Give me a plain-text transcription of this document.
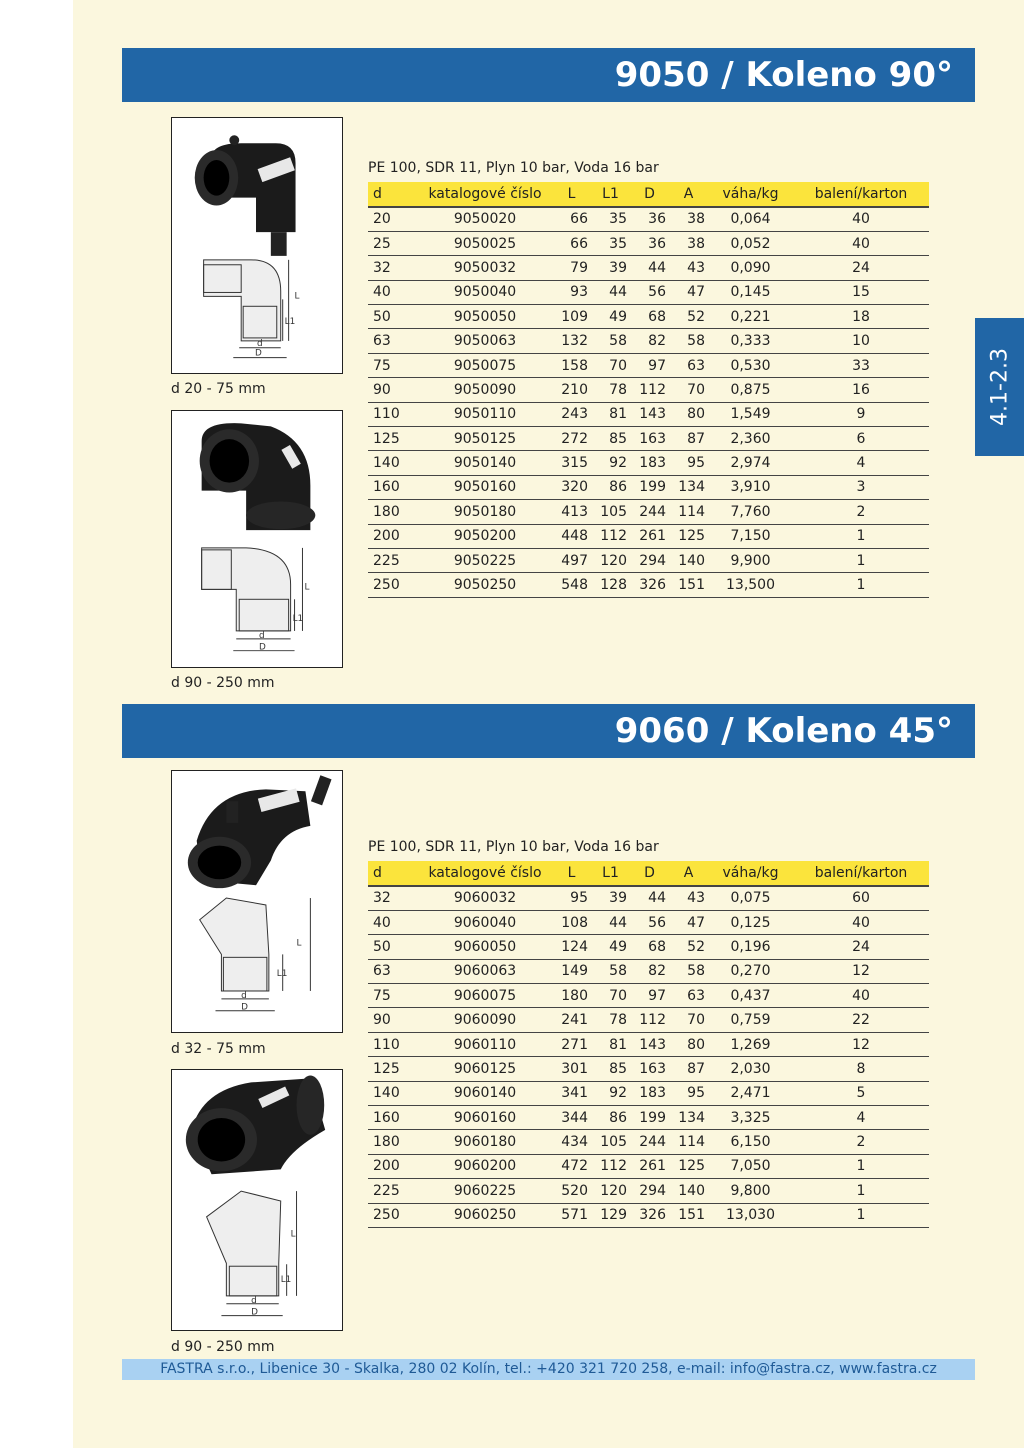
9050 / Koleno 90°
4.1-2.3
L
L1
d
D
d 20 - 75 mm
L
L1
d
D
d 90 - 250 mm
PE 100, SDR 11, Plyn 10 bar, Voda 16 bar
d	katalogové číslo	L	L1	D	A	váha/kg	balení/karton
20	9050020	66	35	36	38	0,064	40
25	9050025	66	35	36	38	0,052	40
32	9050032	79	39	44	43	0,090	24
40	9050040	93	44	56	47	0,145	15
50	9050050	109	49	68	52	0,221	18
63	9050063	132	58	82	58	0,333	10
75	9050075	158	70	97	63	0,530	33
90	9050090	210	78	112	70	0,875	16
110	9050110	243	81	143	80	1,549	9
125	9050125	272	85	163	87	2,360	6
140	9050140	315	92	183	95	2,974	4
160	9050160	320	86	199	134	3,910	3
180	9050180	413	105	244	114	7,760	2
200	9050200	448	112	261	125	7,150	1
225	9050225	497	120	294	140	9,900	1
250	9050250	548	128	326	151	13,500	1
9060 / Koleno 45°
L
L1
d
D
d 32 - 75 mm
L
L1
d
D
d 90 - 250 mm
PE 100, SDR 11, Plyn 10 bar, Voda 16 bar
d	katalogové číslo	L	L1	D	A	váha/kg	balení/karton
32	9060032	95	39	44	43	0,075	60
40	9060040	108	44	56	47	0,125	40
50	9060050	124	49	68	52	0,196	24
63	9060063	149	58	82	58	0,270	12
75	9060075	180	70	97	63	0,437	40
90	9060090	241	78	112	70	0,759	22
110	9060110	271	81	143	80	1,269	12
125	9060125	301	85	163	87	2,030	8
140	9060140	341	92	183	95	2,471	5
160	9060160	344	86	199	134	3,325	4
180	9060180	434	105	244	114	6,150	2
200	9060200	472	112	261	125	7,050	1
225	9060225	520	120	294	140	9,800	1
250	9060250	571	129	326	151	13,030	1
FASTRA s.r.o., Libenice 30 - Skalka, 280 02 Kolín, tel.: +420 321 720 258, e-mail: info@fastra.cz, www.fastra.cz
